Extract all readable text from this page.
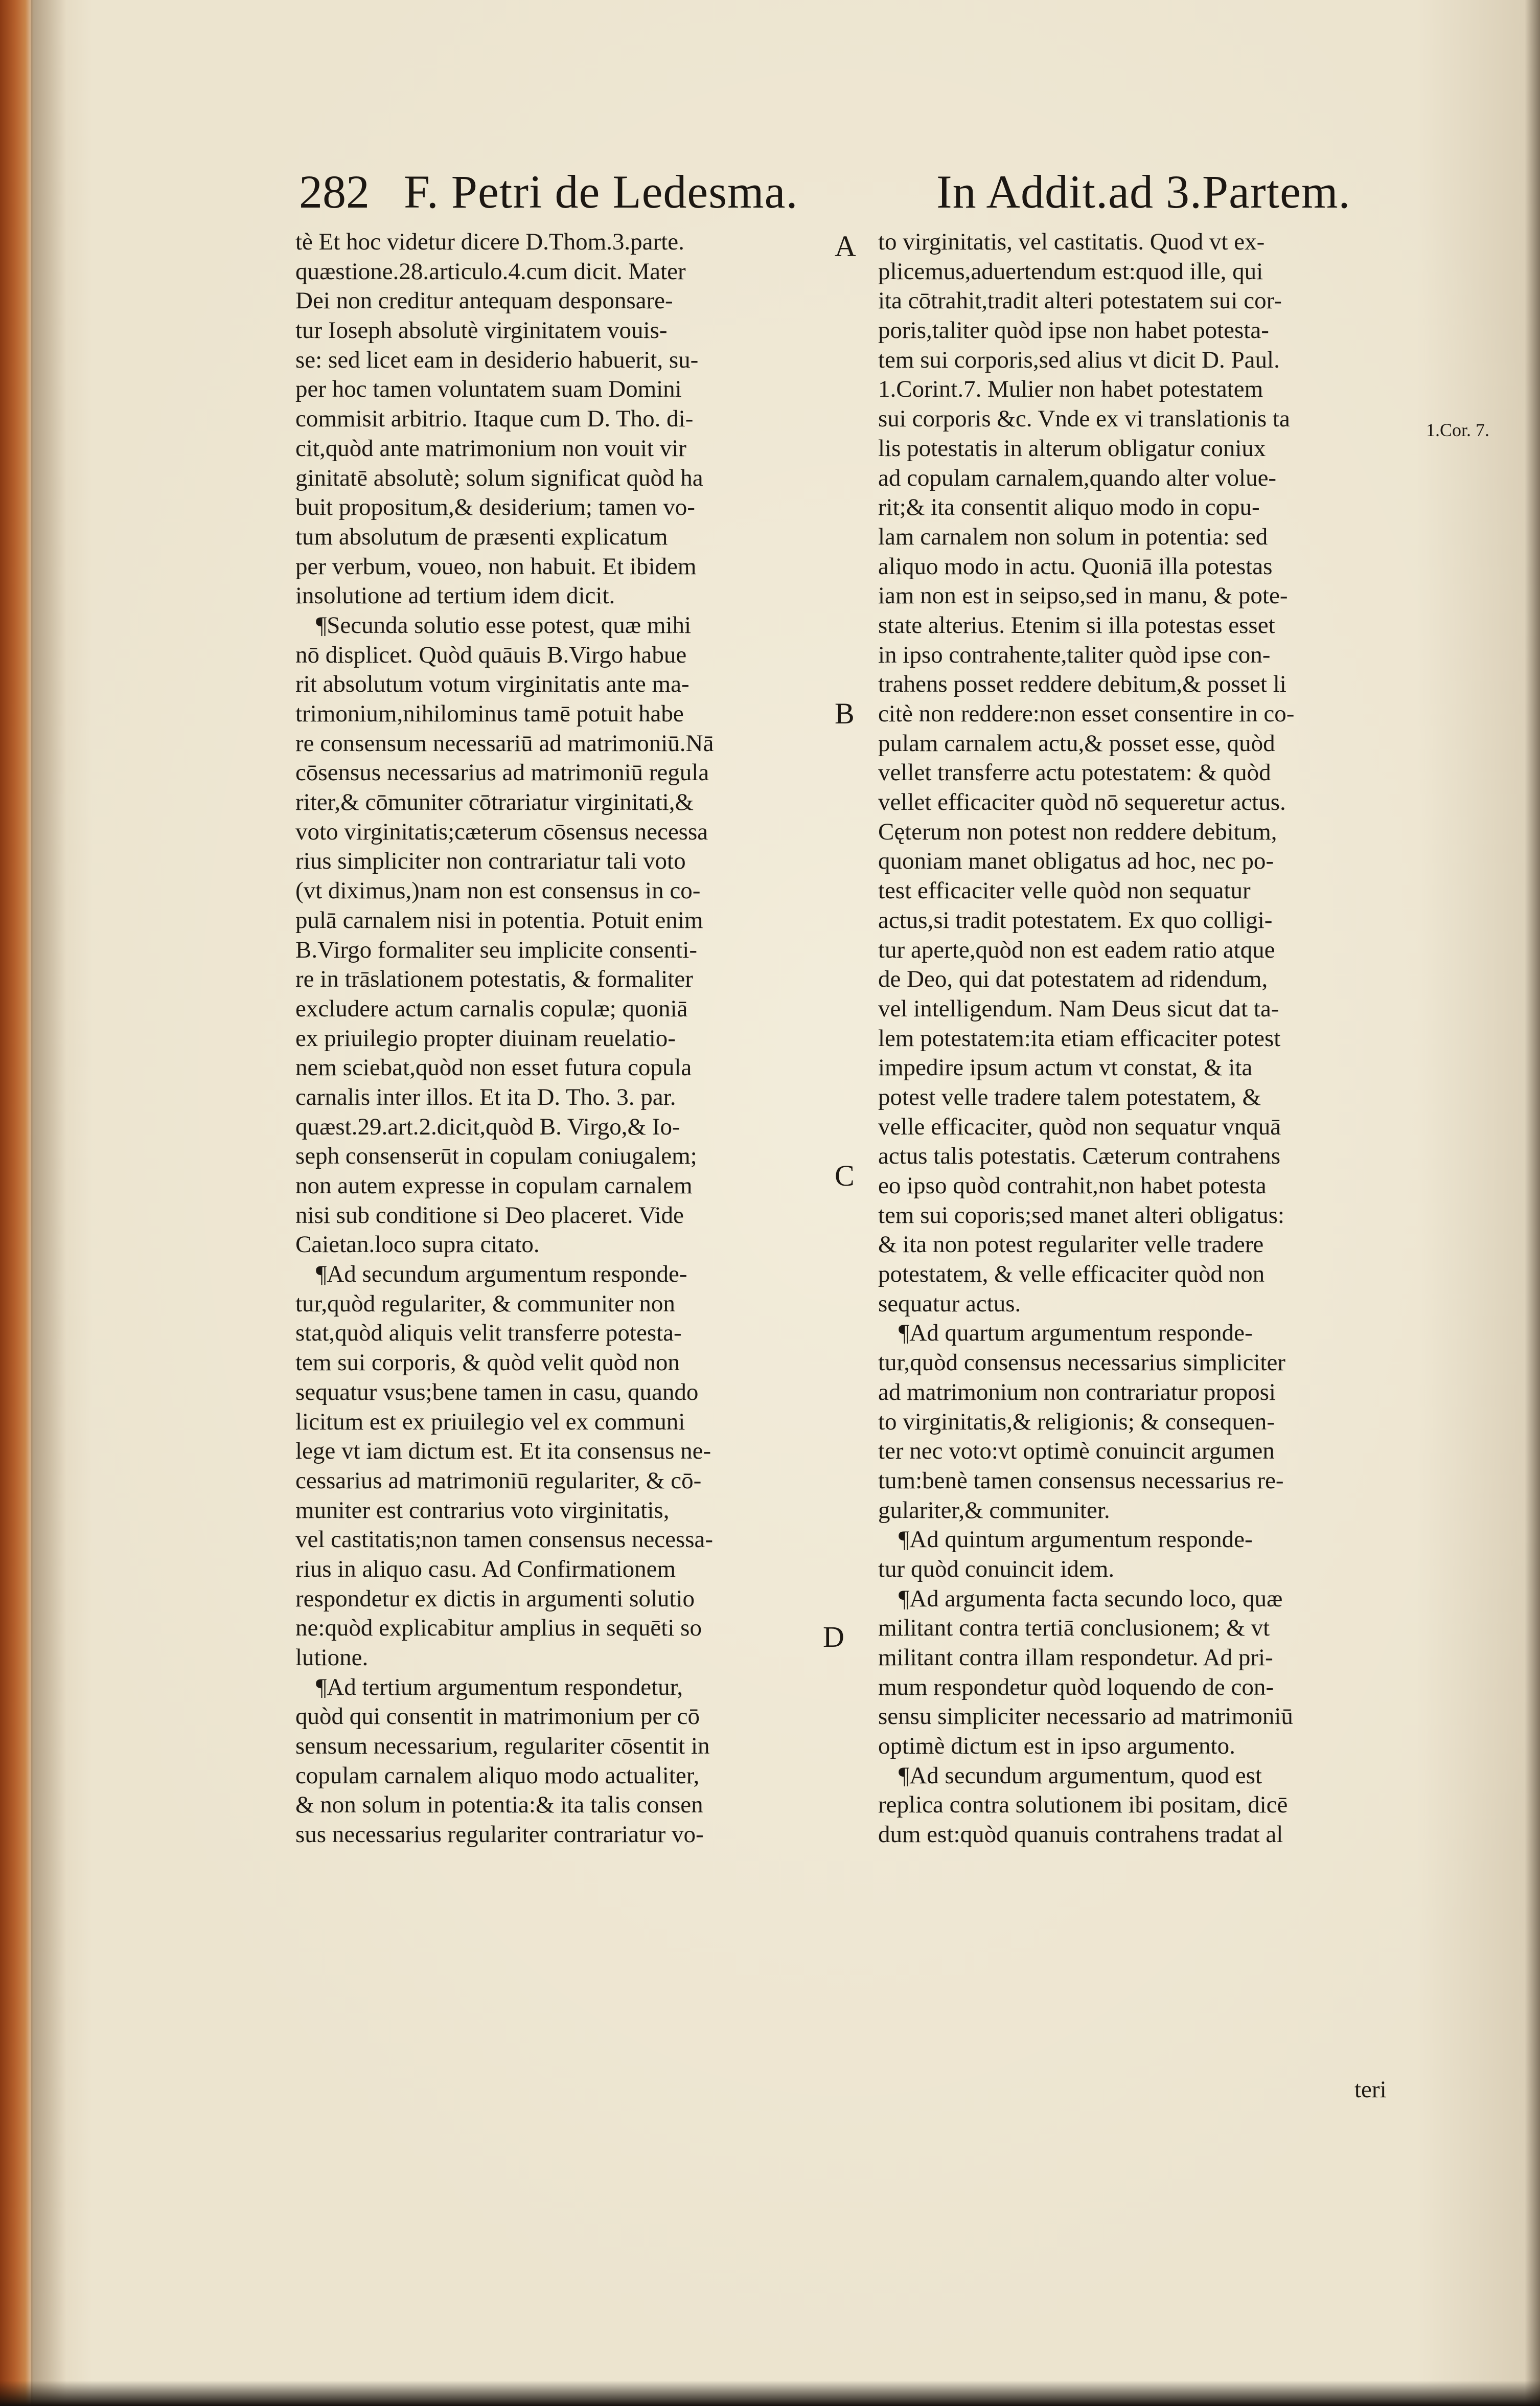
282 F. Petri de Ledesma.	In Addit.ad 3.Partem.
tè Et hoc videtur dicere D.Thom.3.parte.
quæstione.28.articulo.4.cum dicit. Mater
Dei non creditur antequam desponsare-
tur Ioseph absolutè virginitatem vouis-
se: sed licet eam in desiderio habuerit, su-
per hoc tamen voluntatem suam Domini
commisit arbitrio. Itaque cum D. Tho. di-
cit,quòd ante matrimonium non vouit vir
ginitatē absolutè; solum significat quòd ha
buit propositum,& desiderium; tamen vo-
tum absolutum de præsenti explicatum
per verbum, voueo, non habuit. Et ibidem
insolutione ad tertium idem dicit.
¶Secunda solutio esse potest, quæ mihi
nō displicet. Quòd quāuis B.Virgo habue
rit absolutum votum virginitatis ante ma-
trimonium,nihilominus tamē potuit habe
re consensum necessariū ad matrimoniū.Nā
cōsensus necessarius ad matrimoniū regula
riter,& cōmuniter cōtrariatur virginitati,&
voto virginitatis;cæterum cōsensus necessa
rius simpliciter non contrariatur tali voto
(vt diximus,)nam non est consensus in co-
pulā carnalem nisi in potentia. Potuit enim
B.Virgo formaliter seu implicite consenti-
re in trāslationem potestatis, & formaliter
excludere actum carnalis copulæ; quoniā
ex priuilegio propter diuinam reuelatio-
nem sciebat,quòd non esset futura copula
carnalis inter illos. Et ita D. Tho. 3. par.
quæst.29.art.2.dicit,quòd B. Virgo,& Io-
seph consenserūt in copulam coniugalem;
non autem expresse in copulam carnalem
nisi sub conditione si Deo placeret. Vide
Caietan.loco supra citato.
¶Ad secundum argumentum responde-
tur,quòd regulariter, & communiter non
stat,quòd aliquis velit transferre potesta-
tem sui corporis, & quòd velit quòd non
sequatur vsus;bene tamen in casu, quando
licitum est ex priuilegio vel ex communi
lege vt iam dictum est. Et ita consensus ne-
cessarius ad matrimoniū regulariter, & cō-
muniter est contrarius voto virginitatis,
vel castitatis;non tamen consensus necessa-
rius in aliquo casu. Ad Confirmationem
respondetur ex dictis in argumenti solutio
ne:quòd explicabitur amplius in sequēti so
lutione.
¶Ad tertium argumentum respondetur,
quòd qui consentit in matrimonium per cō
sensum necessarium, regulariter cōsentit in
copulam carnalem aliquo modo actualiter,
& non solum in potentia:& ita talis consen
sus necessarius regulariter contrariatur vo-
to virginitatis, vel castitatis. Quod vt ex-
plicemus,aduertendum est:quod ille, qui
ita cōtrahit,tradit alteri potestatem sui cor-
poris,taliter quòd ipse non habet potesta-
tem sui corporis,sed alius vt dicit D. Paul.
1.Corint.7. Mulier non habet potestatem
sui corporis &c. Vnde ex vi translationis ta
lis potestatis in alterum obligatur coniux
ad copulam carnalem,quando alter volue-
rit;& ita consentit aliquo modo in copu-
lam carnalem non solum in potentia: sed
aliquo modo in actu. Quoniā illa potestas
iam non est in seipso,sed in manu, & pote-
state alterius. Etenim si illa potestas esset
in ipso contrahente,taliter quòd ipse con-
trahens posset reddere debitum,& posset li
citè non reddere:non esset consentire in co-
pulam carnalem actu,& posset esse, quòd
vellet transferre actu potestatem: & quòd
vellet efficaciter quòd nō sequeretur actus.
Cęterum non potest non reddere debitum,
quoniam manet obligatus ad hoc, nec po-
test efficaciter velle quòd non sequatur
actus,si tradit potestatem. Ex quo colligi-
tur aperte,quòd non est eadem ratio atque
de Deo, qui dat potestatem ad ridendum,
vel intelligendum. Nam Deus sicut dat ta-
lem potestatem:ita etiam efficaciter potest
impedire ipsum actum vt constat, & ita
potest velle tradere talem potestatem, &
velle efficaciter, quòd non sequatur vnquā
actus talis potestatis. Cæterum contrahens
eo ipso quòd contrahit,non habet potesta
tem sui coporis;sed manet alteri obligatus:
& ita non potest regulariter velle tradere
potestatem, & velle efficaciter quòd non
sequatur actus.
¶Ad quartum argumentum responde-
tur,quòd consensus necessarius simpliciter
ad matrimonium non contrariatur proposi
to virginitatis,& religionis; & consequen-
ter nec voto:vt optimè conuincit argumen
tum:benè tamen consensus necessarius re-
gulariter,& communiter.
¶Ad quintum argumentum responde-
tur quòd conuincit idem.
¶Ad argumenta facta secundo loco, quæ
militant contra tertiā conclusionem; & vt
militant contra illam respondetur. Ad pri-
mum respondetur quòd loquendo de con-
sensu simpliciter necessario ad matrimoniū
optimè dictum est in ipso argumento.
¶Ad secundum argumentum, quod est
replica contra solutionem ibi positam, dicē
dum est:quòd quanuis contrahens tradat al
A
B
C
D
1.Cor. 7.
teri
